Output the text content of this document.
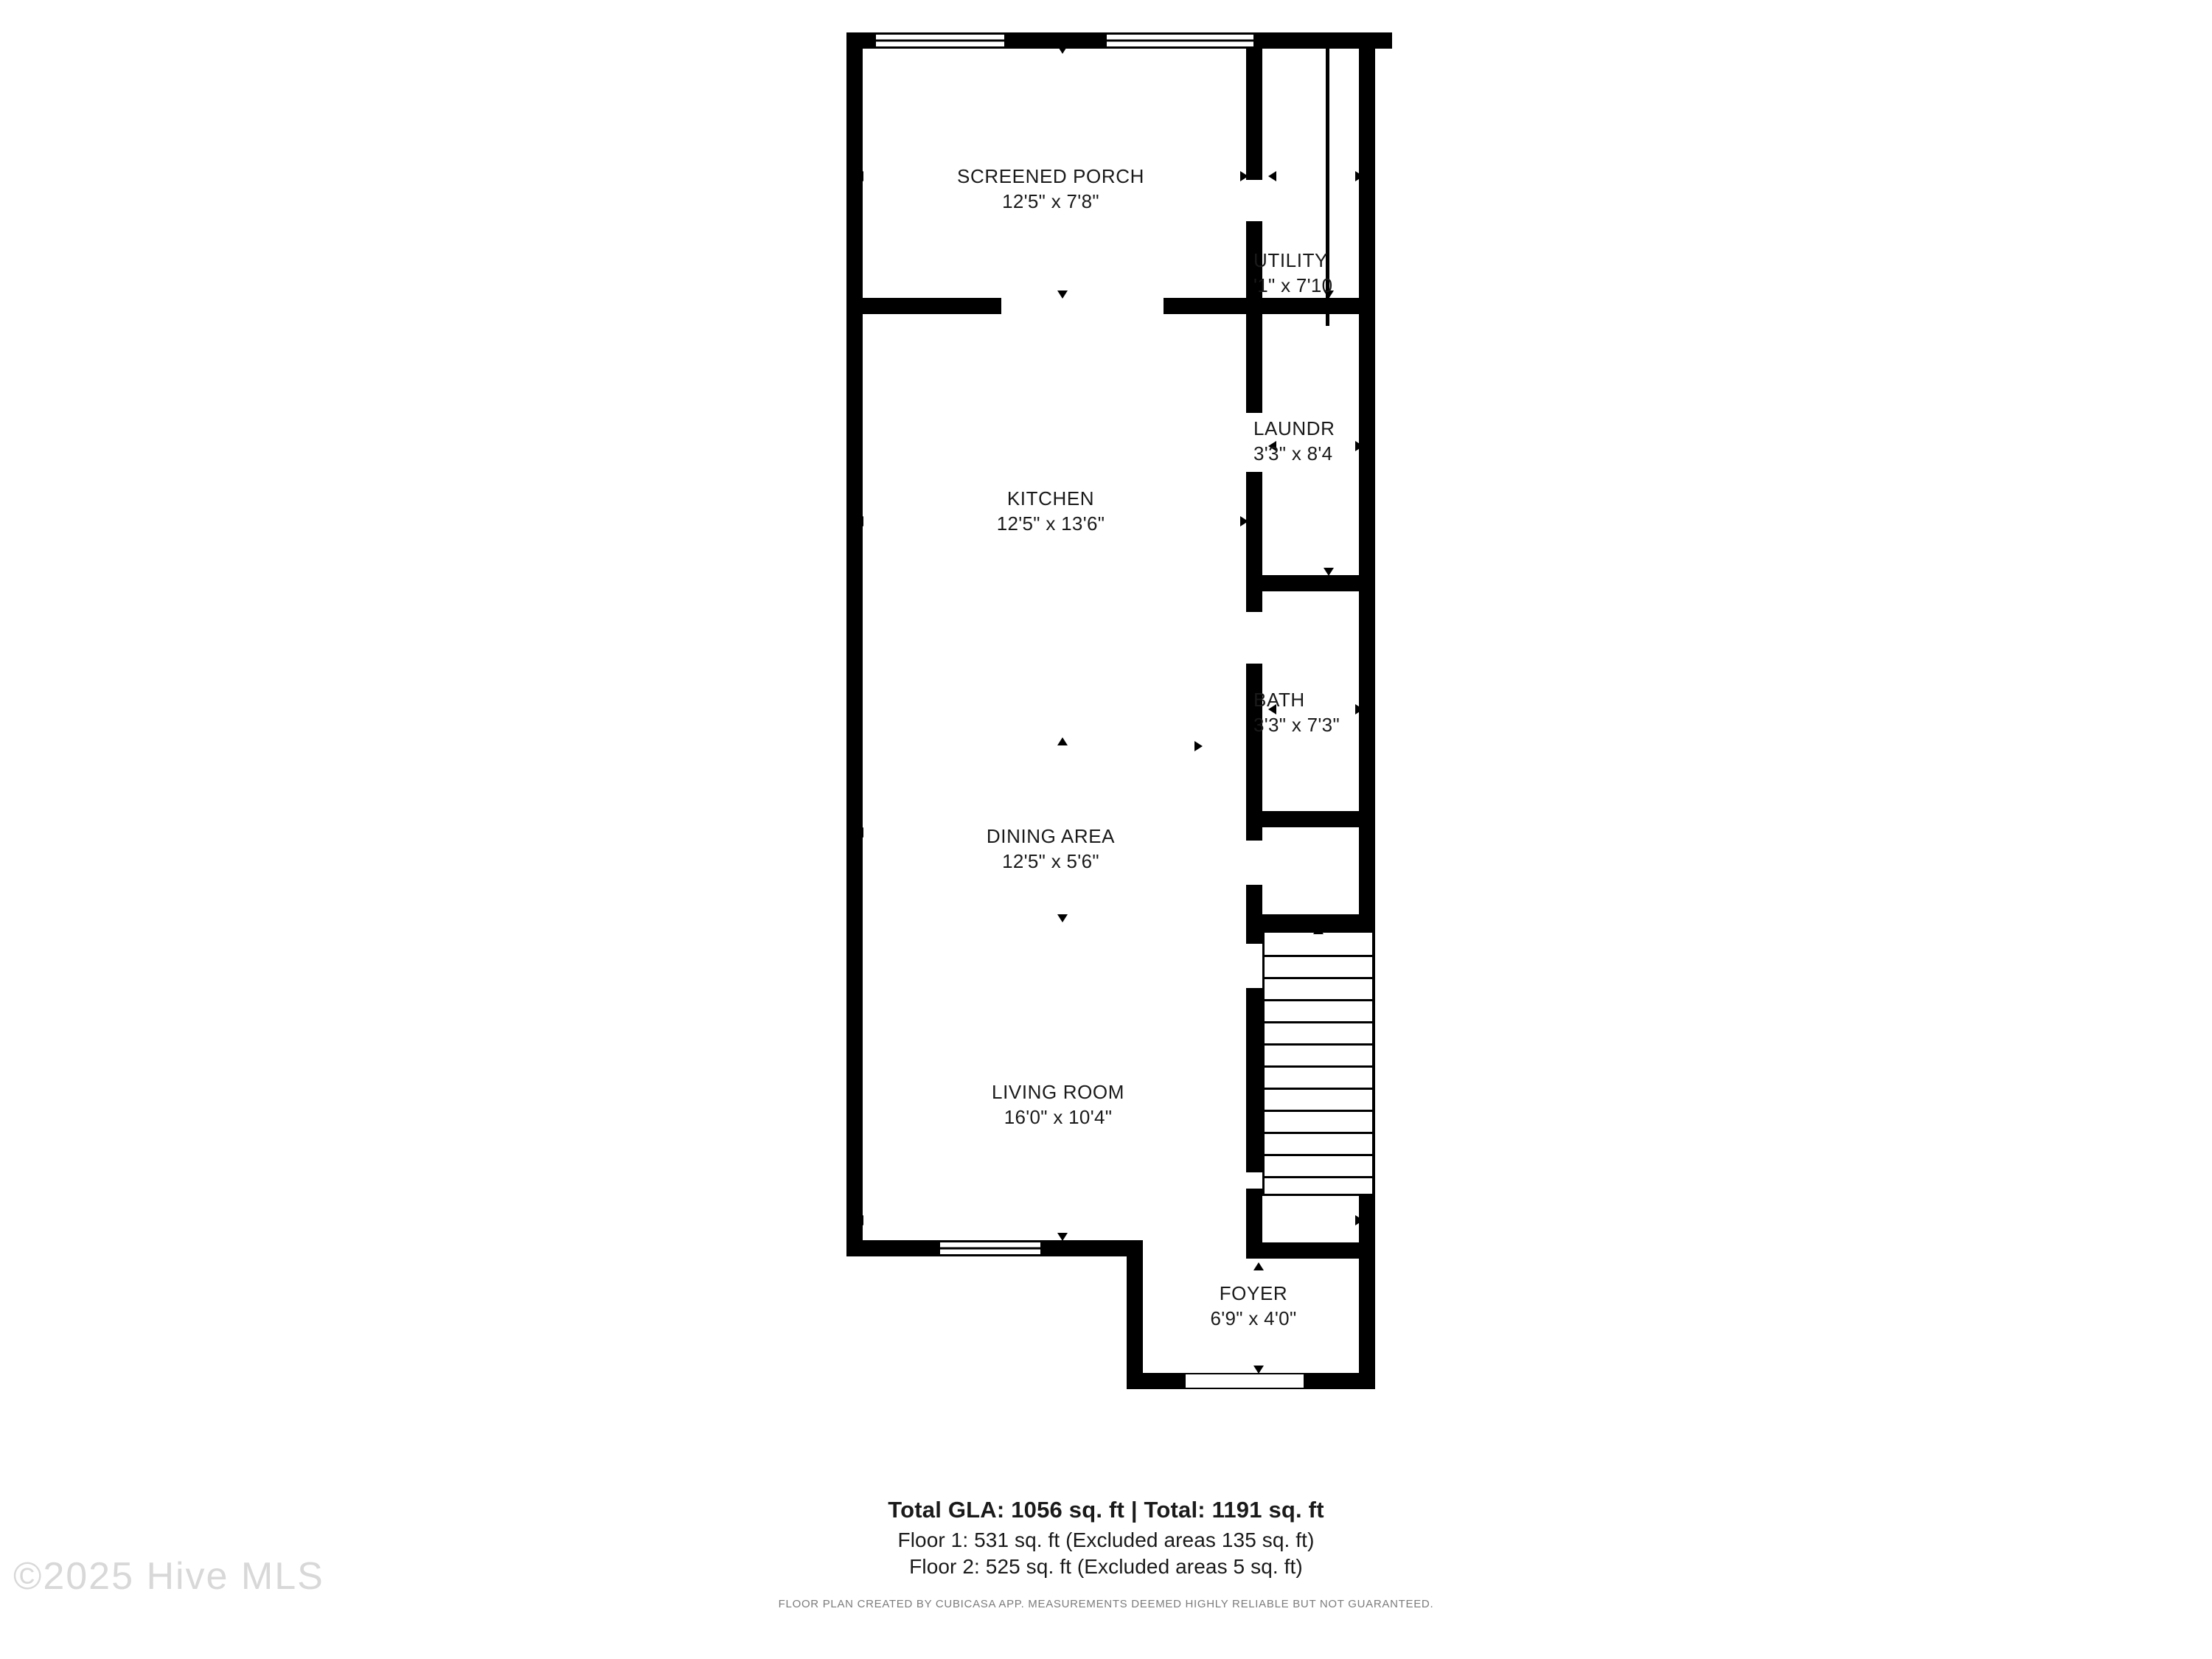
SCREENED PORCH
12'5" x 7'8"
UTILITY
'1" x 7'10
KITCHEN
12'5" x 13'6"
LAUNDR
3'3" x 8'4
BATH
3'3" x 7'3"
DINING AREA
12'5" x 5'6"
LIVING ROOM
16'0" x 10'4"
FOYER
6'9" x 4'0"
Total GLA: 1056 sq. ft | Total: 1191 sq. ft
Floor 1: 531 sq. ft (Excluded areas 135 sq. ft)
Floor 2: 525 sq. ft (Excluded areas 5 sq. ft)
FLOOR PLAN CREATED BY CUBICASA APP. MEASUREMENTS DEEMED HIGHLY RELIABLE BUT NOT GUARANTEED.
©2025 Hive MLS
